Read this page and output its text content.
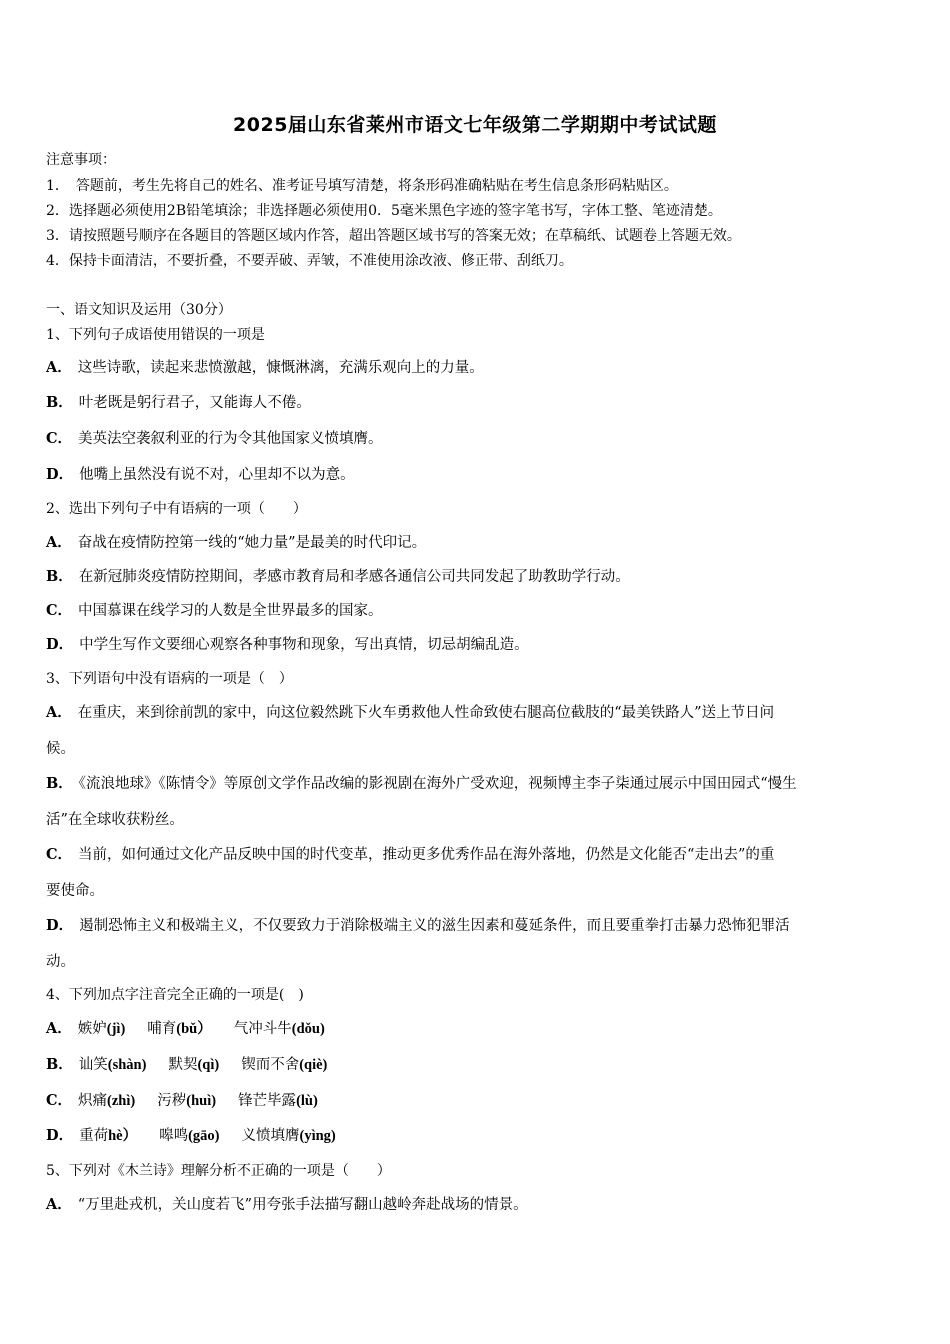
2025届山东省莱州市语文七年级第二学期期中考试试题
注意事项：
1．　答题前，考生先将自己的姓名、准考证号填写清楚，将条形码准确粘贴在考生信息条形码粘贴区。
2．选择题必须使用2B铅笔填涂；非选择题必须使用0．5毫米黑色字迹的签字笔书写，字体工整、笔迹清楚。
3．请按照题号顺序在各题目的答题区域内作答，超出答题区域书写的答案无效；在草稿纸、试题卷上答题无效。
4．保持卡面清洁，不要折叠，不要弄破、弄皱，不准使用涂改液、修正带、刮纸刀。
一、语文知识及运用（30分）
1、下列句子成语使用错误的一项是
A． 这些诗歌，读起来悲愤激越，慷慨淋漓，充满乐观向上的力量。
B． 叶老既是躬行君子，又能诲人不倦。
C． 美英法空袭叙利亚的行为令其他国家义愤填膺。
D． 他嘴上虽然没有说不对，心里却不以为意。
2、选出下列句子中有语病的一项（　　）
A． 奋战在疫情防控第一线的“她力量”是最美的时代印记。
B． 在新冠肺炎疫情防控期间，孝感市教育局和孝感各通信公司共同发起了助教助学行动。
C． 中国慕课在线学习的人数是全世界最多的国家。
D． 中学生写作文要细心观察各种事物和现象，写出真情，切忌胡编乱造。
3、下列语句中没有语病的一项是（　）
A． 在重庆，来到徐前凯的家中，向这位毅然跳下火车勇救他人性命致使右腿高位截肢的“最美铁路人”送上节日问
候。
B． 《流浪地球》《陈情令》等原创文学作品改编的影视剧在海外广受欢迎，视频博主李子柒通过展示中国田园式“慢生
活”在全球收获粉丝。
C． 当前，如何通过文化产品反映中国的时代变革，推动更多优秀作品在海外落地，仍然是文化能否“走出去”的重
要使命。
D． 遏制恐怖主义和极端主义，不仅要致力于消除极端主义的滋生因素和蔓延条件，而且要重拳打击暴力恐怖犯罪活
动。
4、下列加点字注音完全正确的一项是(　)
A． 嫉妒(jì) 哺育(bǔ） 气冲斗牛(dǒu)
B． 讪笑(shàn) 默契(qì) 锲而不舍(qiè)
C． 炽痛(zhì) 污秽(huì) 锋芒毕露(lù)
D． 重荷hè） 嗥鸣(gāo) 义愤填膺(yìng)
5、下列对《木兰诗》理解分析不正确的一项是（　　）
A． “万里赴戎机，关山度若飞”用夸张手法描写翻山越岭奔赴战场的情景。
